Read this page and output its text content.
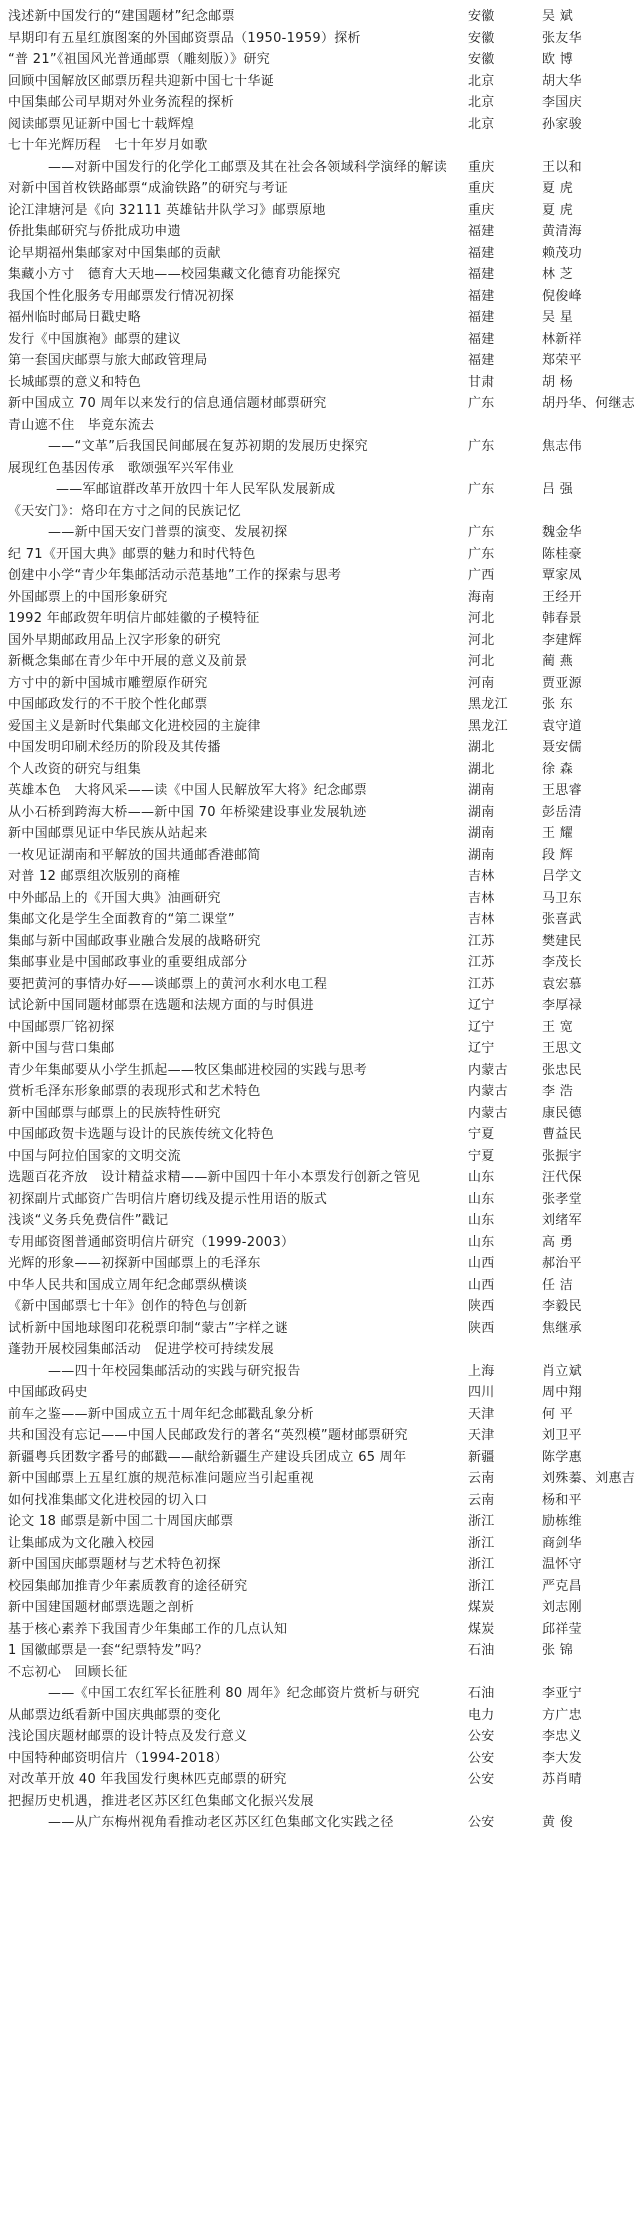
浅述新中国发行的“建国题材”纪念邮票	安徽	吴 斌
早期印有五星红旗图案的外国邮资票品（1950-1959）探析	安徽	张友华
“普 21”《祖国风光普通邮票（雕刻版）》研究	安徽	欧 博
回顾中国解放区邮票历程共迎新中国七十华诞	北京	胡大华
中国集邮公司早期对外业务流程的探析	北京	李国庆
阅读邮票见证新中国七十载辉煌	北京	孙家骏
七十年光辉历程　七十年岁月如歌
——对新中国发行的化学化工邮票及其在社会各领域科学演绎的解读	重庆	王以和
对新中国首枚铁路邮票“成渝铁路”的研究与考证	重庆	夏 虎
论江津塘河是《向 32111 英雄钻井队学习》邮票原地	重庆	夏 虎
侨批集邮研究与侨批成功申遗	福建	黄清海
论早期福州集邮家对中国集邮的贡献	福建	赖茂功
集藏小方寸　德育大天地——校园集藏文化德育功能探究	福建	林 芝
我国个性化服务专用邮票发行情况初探	福建	倪俊峰
福州临时邮局日戳史略	福建	吴 星
发行《中国旗袍》邮票的建议	福建	林新祥
第一套国庆邮票与旅大邮政管理局	福建	郑荣平
长城邮票的意义和特色	甘肃	胡 杨
新中国成立 70 周年以来发行的信息通信题材邮票研究	广东	胡丹华、何继志
青山遮不住　毕竟东流去
——“文革”后我国民间邮展在复苏初期的发展历史探究	广东	焦志伟
展现红色基因传承　歌颂强军兴军伟业
——军邮谊群改革开放四十年人民军队发展新成	广东	吕 强
《天安门》：烙印在方寸之间的民族记忆
——新中国天安门普票的演变、发展初探	广东	魏金华
纪 71《开国大典》邮票的魅力和时代特色	广东	陈桂豪
创建中小学“青少年集邮活动示范基地”工作的探索与思考	广西	覃家凤
外国邮票上的中国形象研究	海南	王经开
1992 年邮政贺年明信片邮娃徽的子模特征	河北	韩春景
国外早期邮政用品上汉字形象的研究	河北	李建辉
新概念集邮在青少年中开展的意义及前景	河北	蔺 燕
方寸中的新中国城市雕塑原作研究	河南	贾亚源
中国邮政发行的不干胶个性化邮票	黑龙江	张 东
爱国主义是新时代集邮文化进校园的主旋律	黑龙江	袁守道
中国发明印刷术经历的阶段及其传播	湖北	聂安儒
个人改资的研究与组集	湖北	徐 森
英雄本色　大将风采——读《中国人民解放军大将》纪念邮票	湖南	王思睿
从小石桥到跨海大桥——新中国 70 年桥梁建设事业发展轨迹	湖南	彭岳清
新中国邮票见证中华民族从站起来	湖南	王 耀
一枚见证湖南和平解放的国共通邮香港邮简	湖南	段 辉
对普 12 邮票组次版别的商榷	吉林	吕学文
中外邮品上的《开国大典》油画研究	吉林	马卫东
集邮文化是学生全面教育的“第二课堂”	吉林	张喜武
集邮与新中国邮政事业融合发展的战略研究	江苏	樊建民
集邮事业是中国邮政事业的重要组成部分	江苏	李茂长
要把黄河的事情办好——谈邮票上的黄河水利水电工程	江苏	袁宏慕
试论新中国同题材邮票在选题和法规方面的与时俱进	辽宁	李厚禄
中国邮票厂铭初探	辽宁	王 宽
新中国与营口集邮	辽宁	王思文
青少年集邮要从小学生抓起——牧区集邮进校园的实践与思考	内蒙古	张忠民
赏析毛泽东形象邮票的表现形式和艺术特色	内蒙古	李 浩
新中国邮票与邮票上的民族特性研究	内蒙古	康民德
中国邮政贺卡选题与设计的民族传统文化特色	宁夏	曹益民
中国与阿拉伯国家的文明交流	宁夏	张振宇
选题百花齐放　设计精益求精——新中国四十年小本票发行创新之管见	山东	汪代保
初探副片式邮资广告明信片磨切线及提示性用语的版式	山东	张孝堂
浅谈“义务兵免费信件”戳记	山东	刘绪军
专用邮资图普通邮资明信片研究（1999-2003）	山东	高 勇
光辉的形象——初探新中国邮票上的毛泽东	山西	郝治平
中华人民共和国成立周年纪念邮票纵横谈	山西	任 洁
《新中国邮票七十年》创作的特色与创新	陕西	李毅民
试析新中国地球图印花税票印制“蒙古”字样之谜	陕西	焦继承
蓬勃开展校园集邮活动　促进学校可持续发展
——四十年校园集邮活动的实践与研究报告	上海	肖立斌
中国邮政码史	四川	周中翔
前车之鉴——新中国成立五十周年纪念邮戳乱象分析	天津	何 平
共和国没有忘记——中国人民邮政发行的著名“英烈模”题材邮票研究	天津	刘卫平
新疆粤兵团数字番号的邮戳——献给新疆生产建设兵团成立 65 周年	新疆	陈学惠
新中国邮票上五星红旗的规范标准问题应当引起重视	云南	刘殊蓁、刘惠吉
如何找准集邮文化进校园的切入口	云南	杨和平
论文 18 邮票是新中国二十周国庆邮票	浙江	励栋维
让集邮成为文化融入校园	浙江	商剑华
新中国国庆邮票题材与艺术特色初探	浙江	温怀守
校园集邮加推青少年素质教育的途径研究	浙江	严克昌
新中国建国题材邮票选题之剖析	煤炭	刘志刚
基于核心素养下我国青少年集邮工作的几点认知	煤炭	邱祥莹
1 国徽邮票是一套“纪票特发”吗？	石油	张 锦
不忘初心　回顾长征
——《中国工农红军长征胜利 80 周年》纪念邮资片赏析与研究	石油	李亚宁
从邮票边纸看新中国庆典邮票的变化	电力	方广忠
浅论国庆题材邮票的设计特点及发行意义	公安	李忠义
中国特种邮资明信片（1994-2018）	公安	李大发
对改革开放 40 年我国发行奥林匹克邮票的研究	公安	苏肖晴
把握历史机遇，推进老区苏区红色集邮文化振兴发展
——从广东梅州视角看推动老区苏区红色集邮文化实践之径	公安	黄 俊
